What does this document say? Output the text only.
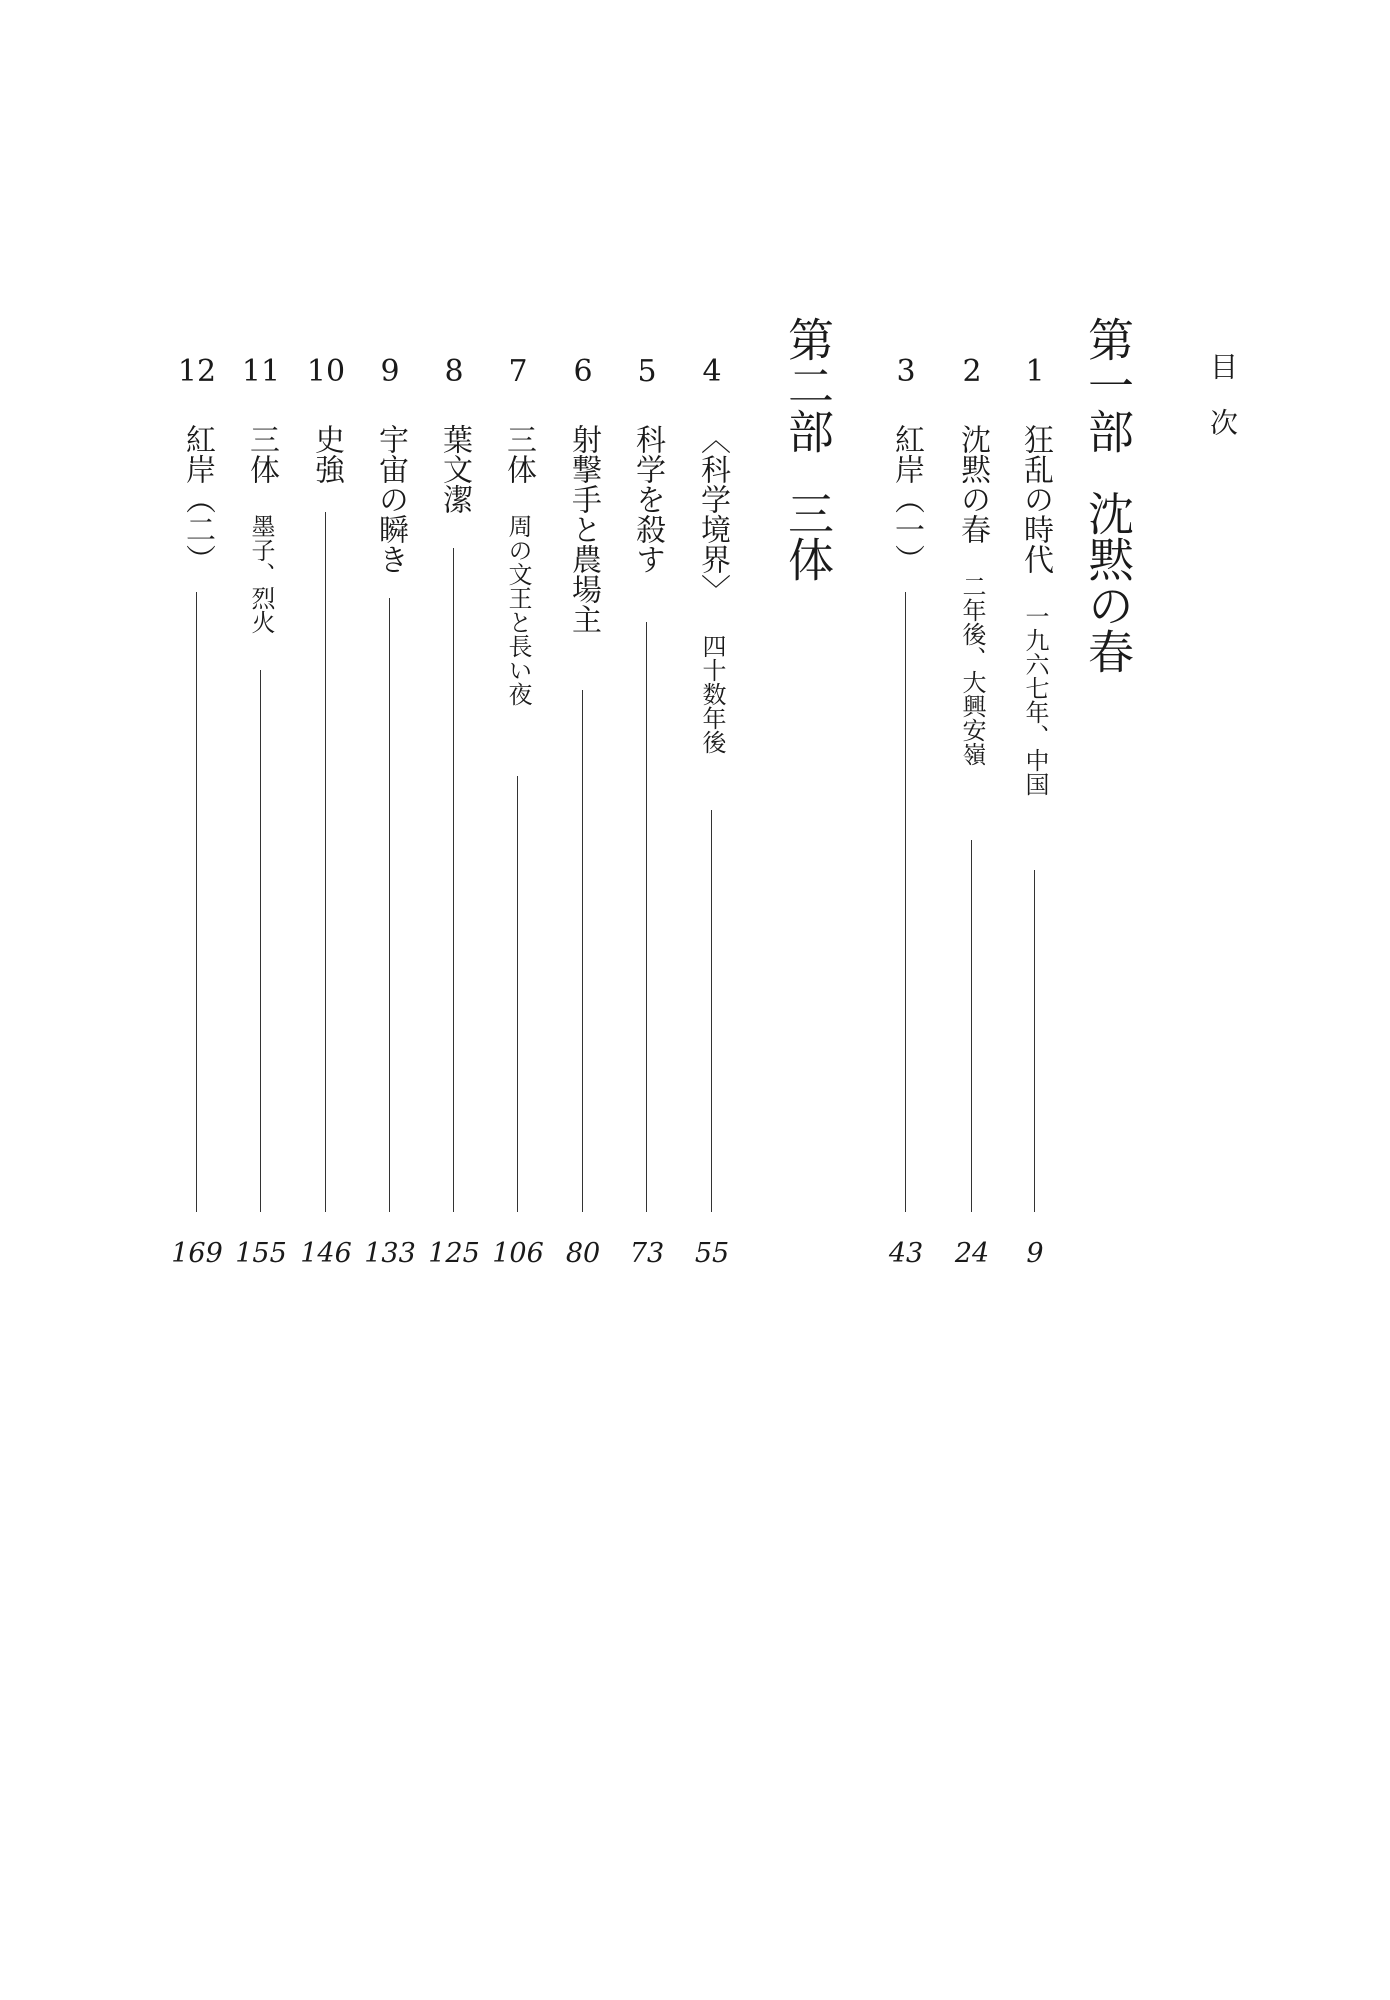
目次
第一部沈黙の春
第二部三体
1
狂乱の時代一九六七年、中国
9
2
沈黙の春二年後、大興安嶺
24
3
紅岸（一）
43
4
〈科学境界〉四十数年後
55
5
科学を殺す
73
6
射撃手と農場主
80
7
三体周の文王と長い夜
106
8
葉文潔
125
9
宇宙の瞬き
133
10
史強
146
11
三体墨子、烈火
155
12
紅岸（二）
169
